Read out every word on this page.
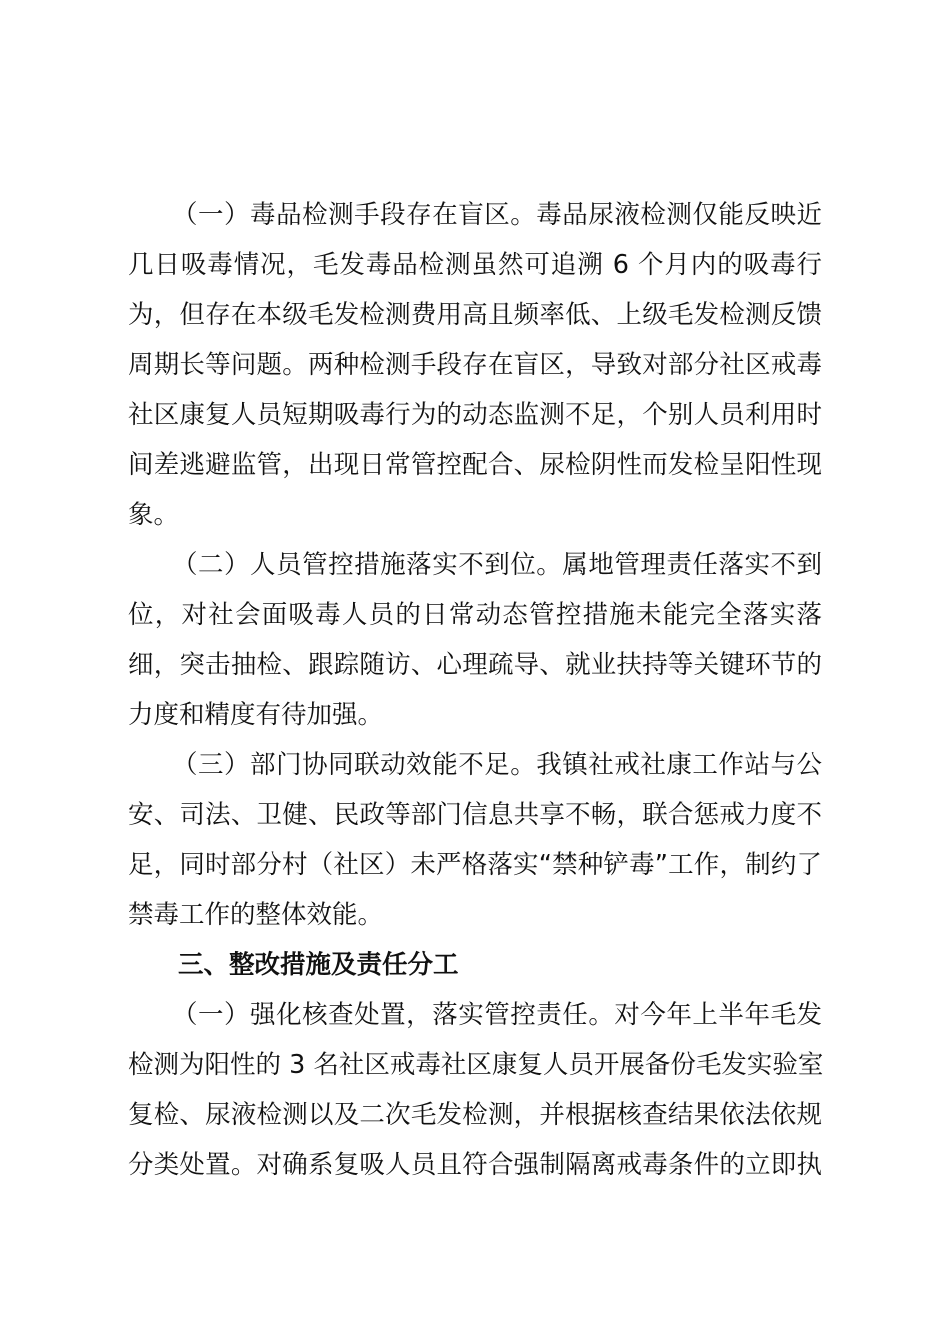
（一）毒品检测手段存在盲区。毒品尿液检测仅能反映近
几日吸毒情况，毛发毒品检测虽然可追溯 6 个月内的吸毒行
为，但存在本级毛发检测费用高且频率低、上级毛发检测反馈
周期长等问题。两种检测手段存在盲区，导致对部分社区戒毒
社区康复人员短期吸毒行为的动态监测不足，个别人员利用时
间差逃避监管，出现日常管控配合、尿检阴性而发检呈阳性现
象。
（二）人员管控措施落实不到位。属地管理责任落实不到
位，对社会面吸毒人员的日常动态管控措施未能完全落实落
细，突击抽检、跟踪随访、心理疏导、就业扶持等关键环节的
力度和精度有待加强。
（三）部门协同联动效能不足。我镇社戒社康工作站与公
安、司法、卫健、民政等部门信息共享不畅，联合惩戒力度不
足，同时部分村（社区）未严格落实“禁种铲毒”工作，制约了
禁毒工作的整体效能。
三、整改措施及责任分工
（一）强化核查处置，落实管控责任。对今年上半年毛发
检测为阳性的 3 名社区戒毒社区康复人员开展备份毛发实验室
复检、尿液检测以及二次毛发检测，并根据核查结果依法依规
分类处置。对确系复吸人员且符合强制隔离戒毒条件的立即执
